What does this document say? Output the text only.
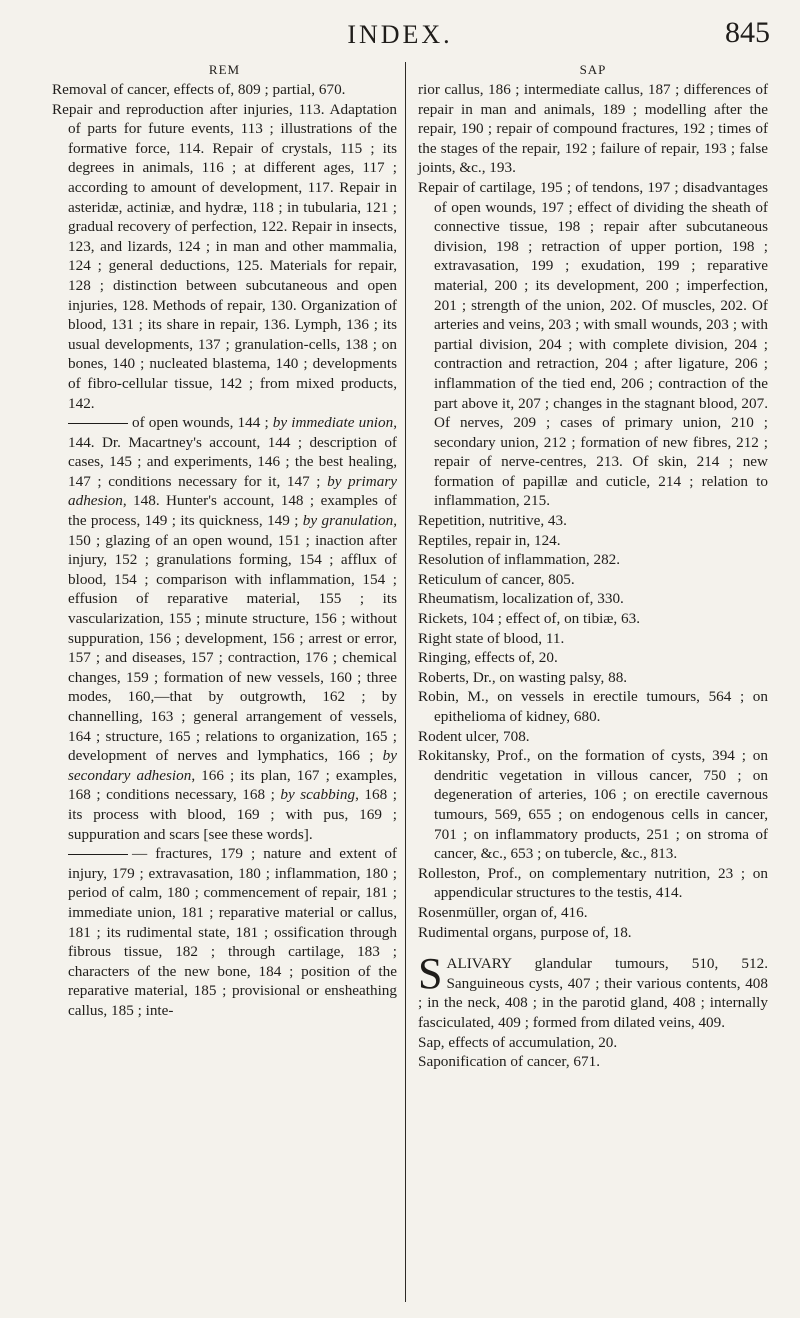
INDEX.	845
REM

Removal of cancer, effects of, 809 ; partial, 670.

Repair and reproduction after injuries, 113. Adaptation of parts for future events, 113 ; illustrations of the formative force, 114. Repair of crystals, 115 ; its degrees in animals, 116 ; at different ages, 117 ; according to amount of development, 117. Repair in asteridæ, actiniæ, and hydræ, 118 ; in tubularia, 121 ; gradual recovery of perfection, 122. Repair in insects, 123, and lizards, 124 ; in man and other mammalia, 124 ; general deductions, 125. Materials for repair, 128 ; distinction between subcutaneous and open injuries, 128. Methods of repair, 130. Organization of blood, 131 ; its share in repair, 136. Lymph, 136 ; its usual developments, 137 ; granulation-cells, 138 ; on bones, 140 ; nucleated blastema, 140 ; developments of fibro-cellular tissue, 142 ; from mixed products, 142.

of open wounds, 144 ; by immediate union, 144. Dr. Macartney's account, 144 ; description of cases, 145 ; and experiments, 146 ; the best healing, 147 ; conditions necessary for it, 147 ; by primary adhesion, 148. Hunter's account, 148 ; examples of the process, 149 ; its quickness, 149 ; by granulation, 150 ; glazing of an open wound, 151 ; inaction after injury, 152 ; granulations forming, 154 ; afflux of blood, 154 ; comparison with inflammation, 154 ; effusion of reparative material, 155 ; its vascularization, 155 ; minute structure, 156 ; without suppuration, 156 ; development, 156 ; arrest or error, 157 ; and diseases, 157 ; contraction, 176 ; chemical changes, 159 ; formation of new vessels, 160 ; three modes, 160,—that by outgrowth, 162 ; by channelling, 163 ; general arrangement of vessels, 164 ; structure, 165 ; relations to organization, 165 ; development of nerves and lymphatics, 166 ; by secondary adhesion, 166 ; its plan, 167 ; examples, 168 ; conditions necessary, 168 ; by scabbing, 168 ; its process with blood, 169 ; with pus, 169 ; suppuration and scars [see these words].

— fractures, 179 ; nature and extent of injury, 179 ; extravasation, 180 ; inflammation, 180 ; period of calm, 180 ; commencement of repair, 181 ; immediate union, 181 ; reparative material or callus, 181 ; its rudimental state, 181 ; ossification through fibrous tissue, 182 ; through cartilage, 183 ; characters of the new bone, 184 ; position of the reparative material, 185 ; provisional or ensheathing callus, 185 ; inte-

SAP

rior callus, 186 ; intermediate callus, 187 ; differences of repair in man and animals, 189 ; modelling after the repair, 190 ; repair of compound fractures, 192 ; times of the stages of the repair, 192 ; failure of repair, 193 ; false joints, &c., 193.

Repair of cartilage, 195 ; of tendons, 197 ; disadvantages of open wounds, 197 ; effect of dividing the sheath of connective tissue, 198 ; repair after subcutaneous division, 198 ; retraction of upper portion, 198 ; extravasation, 199 ; exudation, 199 ; reparative material, 200 ; its development, 200 ; imperfection, 201 ; strength of the union, 202. Of muscles, 202. Of arteries and veins, 203 ; with small wounds, 203 ; with partial division, 204 ; with complete division, 204 ; contraction and retraction, 204 ; after ligature, 206 ; inflammation of the tied end, 206 ; contraction of the part above it, 207 ; changes in the stagnant blood, 207. Of nerves, 209 ; cases of primary union, 210 ; secondary union, 212 ; formation of new fibres, 212 ; repair of nerve-centres, 213. Of skin, 214 ; new formation of papillæ and cuticle, 214 ; relation to inflammation, 215.

Repetition, nutritive, 43.

Reptiles, repair in, 124.

Resolution of inflammation, 282.

Reticulum of cancer, 805.

Rheumatism, localization of, 330.

Rickets, 104 ; effect of, on tibiæ, 63.

Right state of blood, 11.

Ringing, effects of, 20.

Roberts, Dr., on wasting palsy, 88.

Robin, M., on vessels in erectile tumours, 564 ; on epithelioma of kidney, 680.

Rodent ulcer, 708.

Rokitansky, Prof., on the formation of cysts, 394 ; on dendritic vegetation in villous cancer, 750 ; on degeneration of arteries, 106 ; on erectile cavernous tumours, 569, 655 ; on endogenous cells in cancer, 701 ; on inflammatory products, 251 ; on stroma of cancer, &c., 653 ; on tubercle, &c., 813.

Rolleston, Prof., on complementary nutrition, 23 ; on appendicular structures to the testis, 414.

Rosenmüller, organ of, 416.

Rudimental organs, purpose of, 18.

SALIVARY glandular tumours, 510, 512. Sanguineous cysts, 407 ; their various contents, 408 ; in the neck, 408 ; in the parotid gland, 408 ; internally fasciculated, 409 ; formed from dilated veins, 409.

Sap, effects of accumulation, 20.

Saponification of cancer, 671.
